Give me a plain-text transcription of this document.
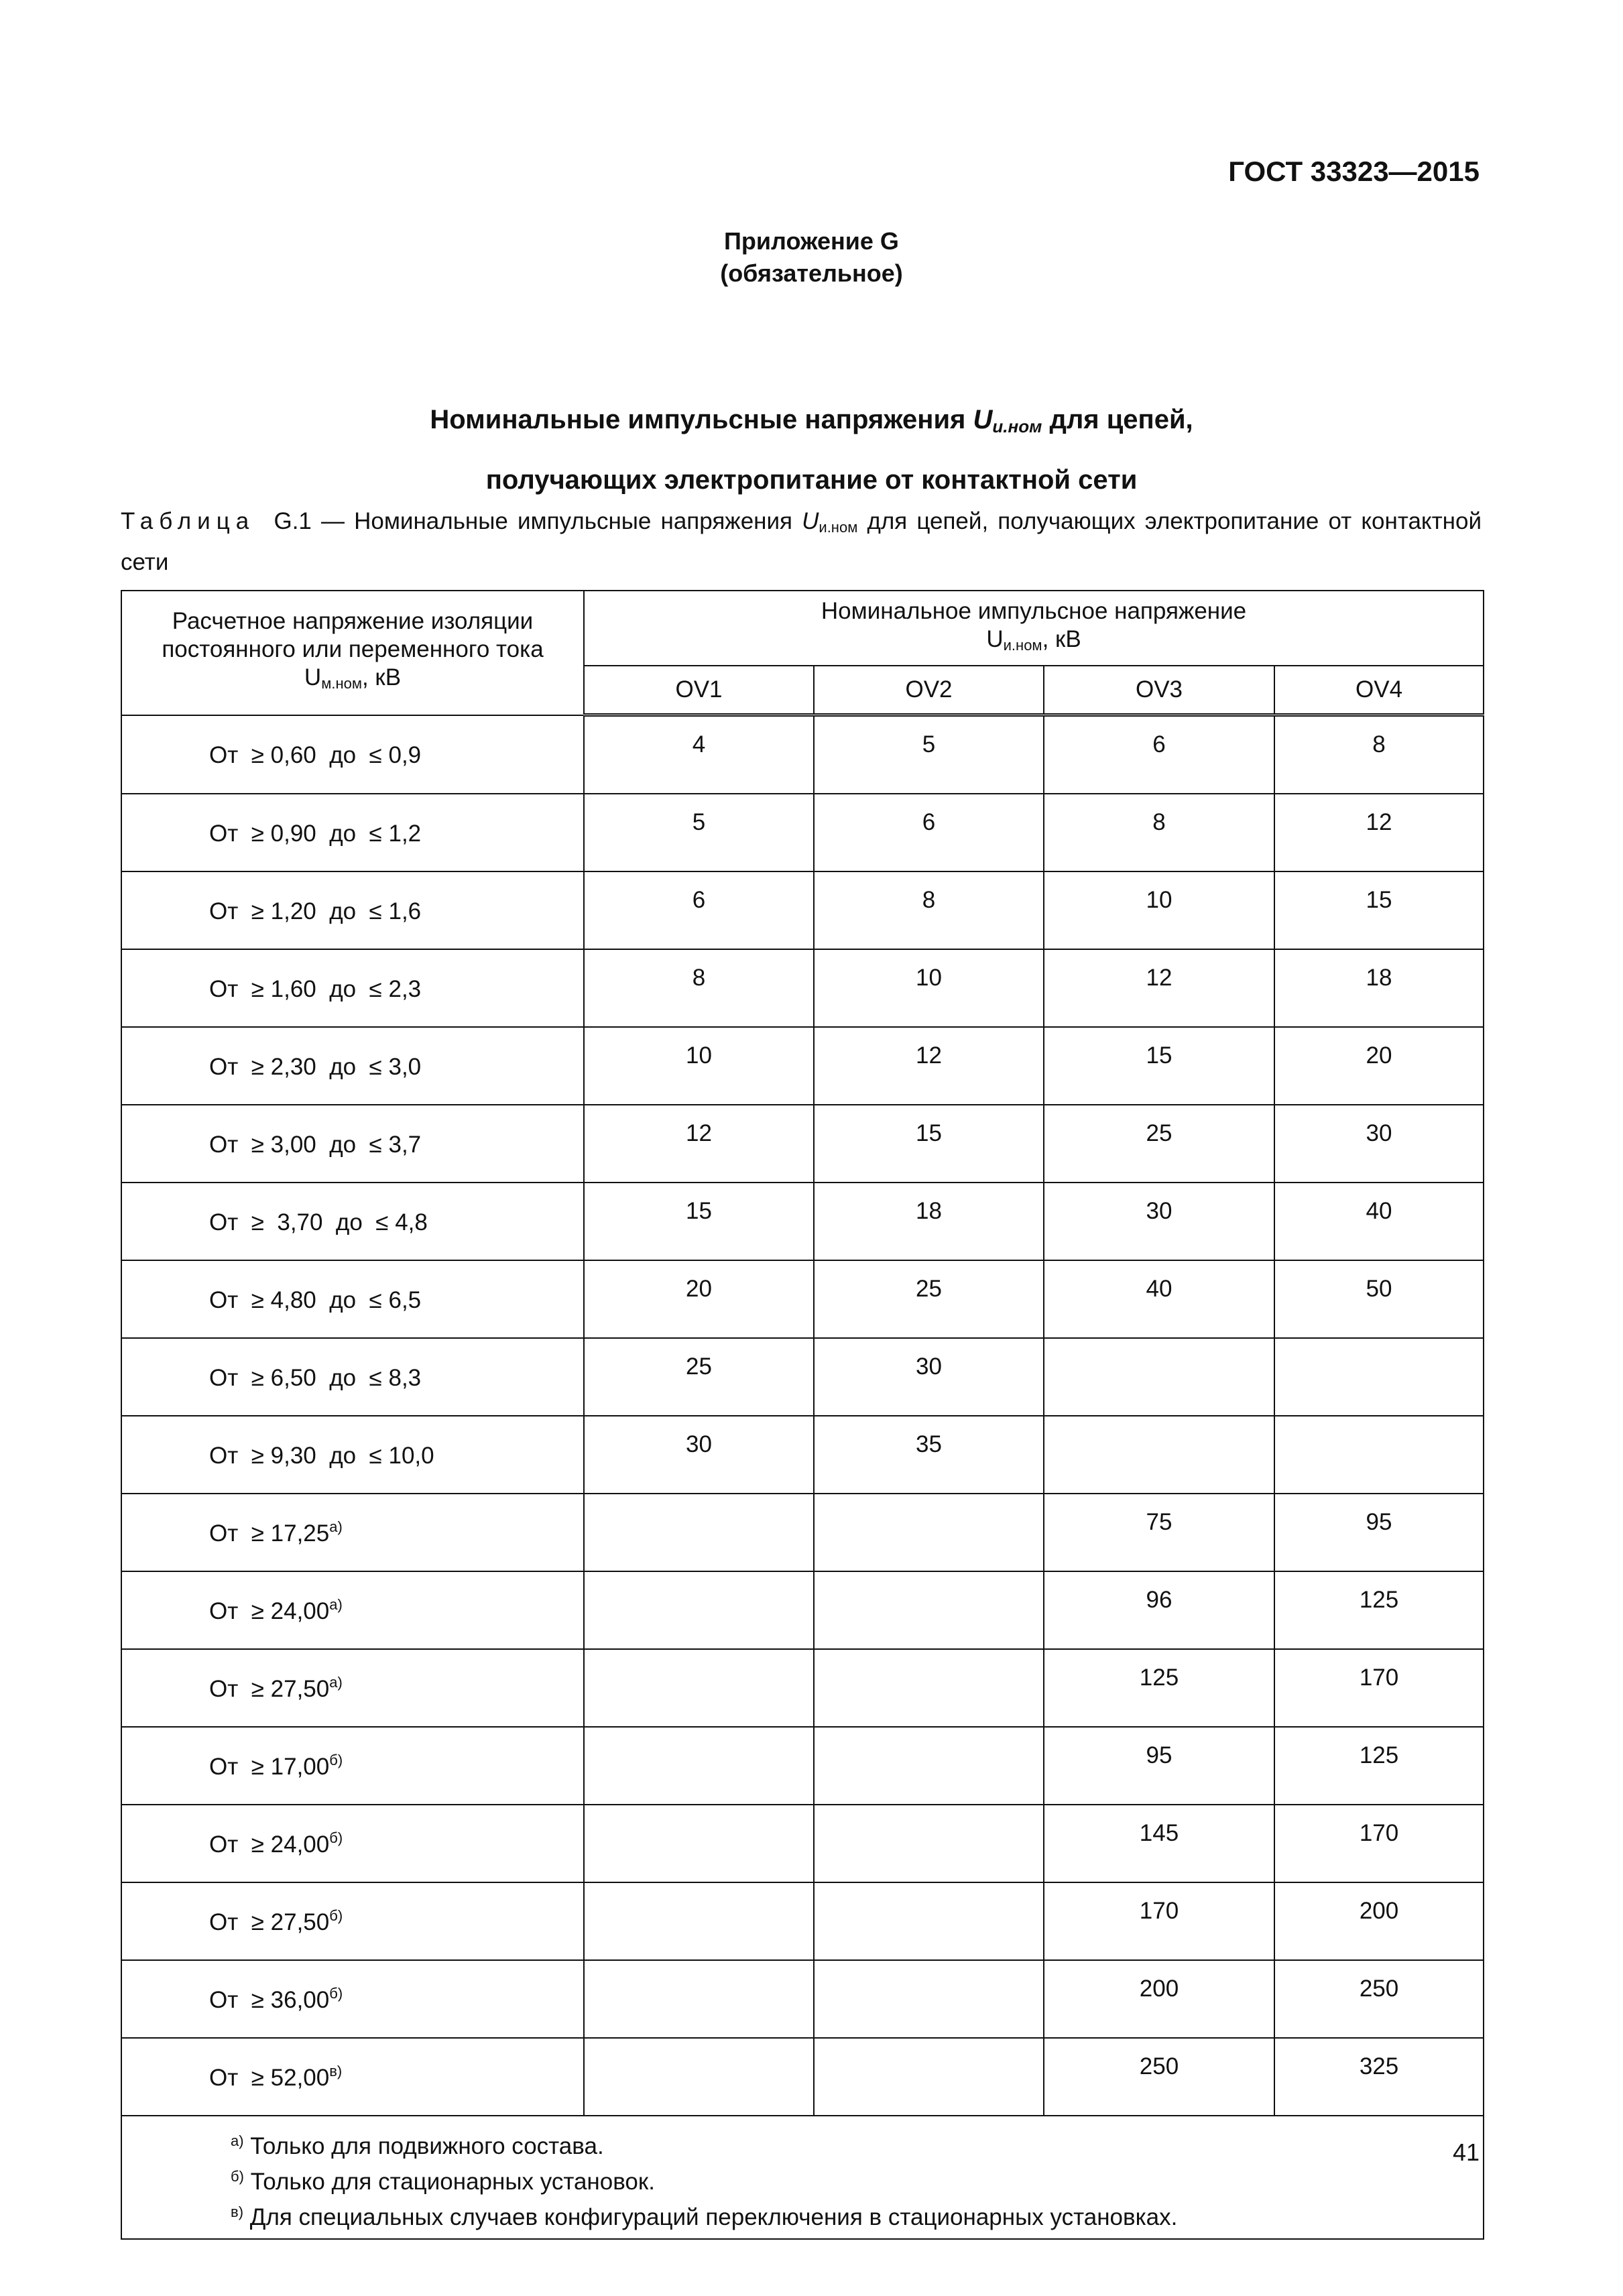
ГОСТ 33323—2015
Приложение G
(обязательное)
Номинальные импульсные напряжения $U_{и.ном}$ для цепей,
получающих электропитание от контактной сети
Таблица G.1 — Номинальные импульсные напряжения $U_{и.ном}$ для цепей, получающих электропитание от контактной сети
Расчетное напряжение изоляции постоянного или переменного тока
$U_{м.ном}$, кВ	Номинальное импульсное напряжение
$U_{и.ном}$, кВ			
	OV1	OV2	OV3	OV4
От  ≥ 0,60  до  ≤ 0,9	4	5	6	8
От  ≥ 0,90  до  ≤ 1,2	5	6	8	12
От  ≥ 1,20  до  ≤ 1,6	6	8	10	15
От  ≥ 1,60  до  ≤ 2,3	8	10	12	18
От  ≥ 2,30  до  ≤ 3,0	10	12	15	20
От  ≥ 3,00  до  ≤ 3,7	12	15	25	30
От  ≥  3,70  до  ≤ 4,8	15	18	30	40
От  ≥ 4,80  до  ≤ 6,5	20	25	40	50
От  ≥ 6,50  до  ≤ 8,3	25	30		
От  ≥ 9,30  до  ≤ 10,0	30	35		
От  ≥ $17,25^{а)}$			75	95
От  ≥ $24,00^{а)}$			96	125
От  ≥ $27,50^{а)}$			125	170
От  ≥ $17,00^{б)}$			95	125
От  ≥ $24,00^{б)}$			145	170
От  ≥ $27,50^{б)}$			170	200
От  ≥ $36,00^{б)}$			200	250
От  ≥ $52,00^{в)}$			250	325

$^{а)}$ Только для подвижного состава.
$^{б)}$ Только для стационарных установок.
$^{в)}$ Для специальных случаев конфигураций переключения в стационарных установках.				
41
